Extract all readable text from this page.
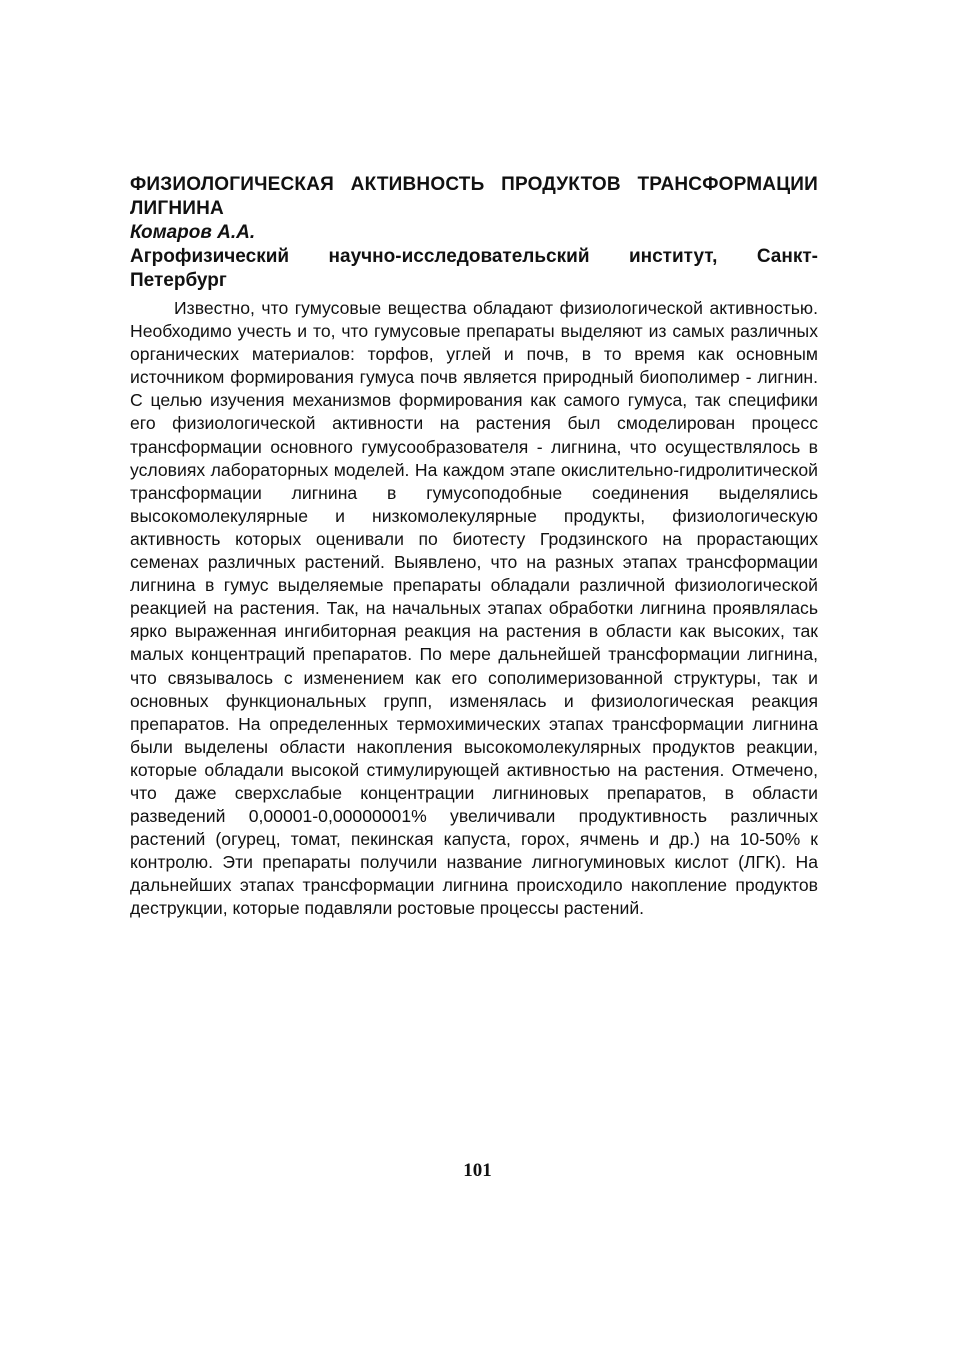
ФИЗИОЛОГИЧЕСКАЯ АКТИВНОСТЬ ПРОДУКТОВ ТРАНСФОРМАЦИИ ЛИГНИНА

Комаров А.А.

Агрофизический научно-исследовательский институт, Санкт-Петербург

Известно, что гумусовые вещества обладают физиологической активностью. Необходимо учесть и то, что гумусовые препараты выделяют из самых различных органических материалов: торфов, углей и почв, в то время как основным источником формирования гумуса почв является природный биополимер - лигнин. С целью изучения механизмов формирования как самого гумуса, так специфики его физиологической активности на растения был смоделирован процесс трансформации основного гумусообразователя - лигнина, что осуществлялось в условиях лабораторных моделей. На каждом этапе окислительно-гидролитической трансформации лигнина в гумусоподобные соединения выделялись высокомолекулярные и низкомолекулярные продукты, физиологическую активность которых оценивали по биотесту Гродзинского на прорастающих семенах различных растений. Выявлено, что на разных этапах трансформации лигнина в гумус выделяемые препараты обладали различной физиологической реакцией на растения. Так, на начальных этапах обработки лигнина проявлялась ярко выраженная ингибиторная реакция на растения в области как высоких, так малых концентраций препаратов. По мере дальнейшей трансформации лигнина, что связывалось с изменением как его сополимеризованной структуры, так и основных функциональных групп, изменялась и физиологическая реакция препаратов. На определенных термохимических этапах трансформации лигнина были выделены области накопления высокомолекулярных продуктов реакции, которые обладали высокой стимулирующей активностью на растения. Отмечено, что даже сверхслабые концентрации лигниновых препаратов, в области разведений 0,00001-0,00000001% увеличивали продуктивность различных растений (огурец, томат, пекинская капуста, горох, ячмень и др.) на 10-50% к контролю. Эти препараты получили название лигногуминовых кислот (ЛГК). На дальнейших этапах трансформации лигнина происходило накопление продуктов деструкции, которые подавляли ростовые процессы растений.

101
